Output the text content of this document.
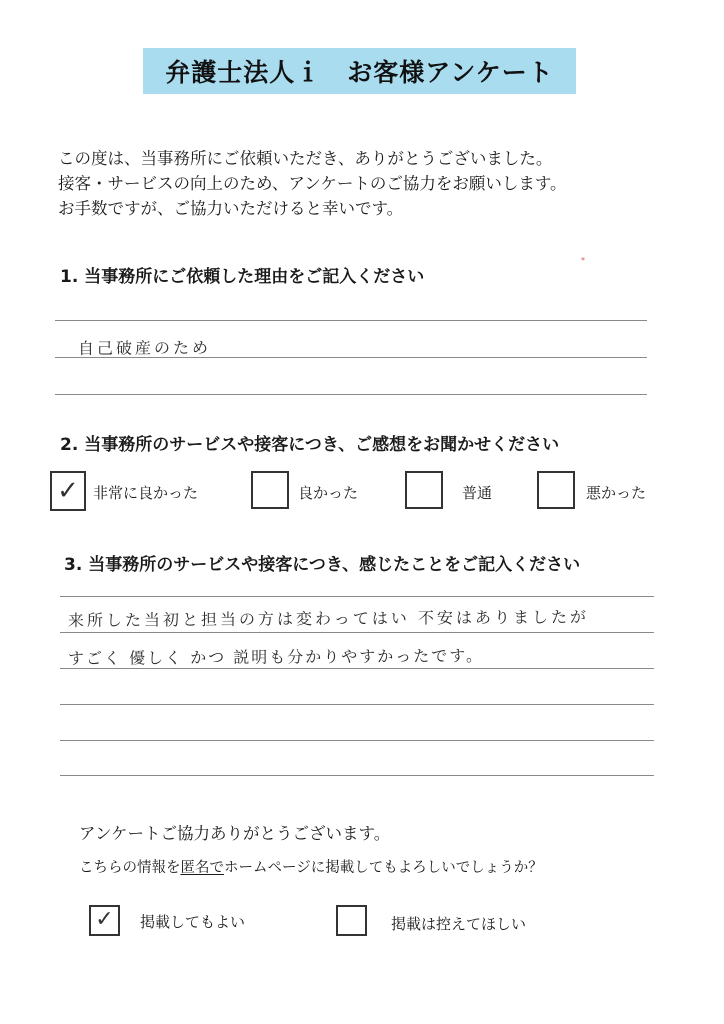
弁護士法人ｉ　お客様アンケート
この度は、当事務所にご依頼いただき、ありがとうございました。
接客・サービスの向上のため、アンケートのご協力をお願いします。
お手数ですが、ご協力いただけると幸いです。
*
1. 当事務所にご依頼した理由をご記入ください
自己破産のため
2. 当事務所のサービスや接客につき、ご感想をお聞かせください
✓ 非常に良かった	良かった	普通	悪かった
3. 当事務所のサービスや接客につき、感じたことをご記入ください
来所した当初と担当の方は変わってはい 不安はありましたが
すごく 優しく かつ 説明も分かりやすかったです。
アンケートご協力ありがとうございます。
こちらの情報を匿名でホームページに掲載してもよろしいでしょうか？
✓ 掲載してもよい	掲載は控えてほしい
